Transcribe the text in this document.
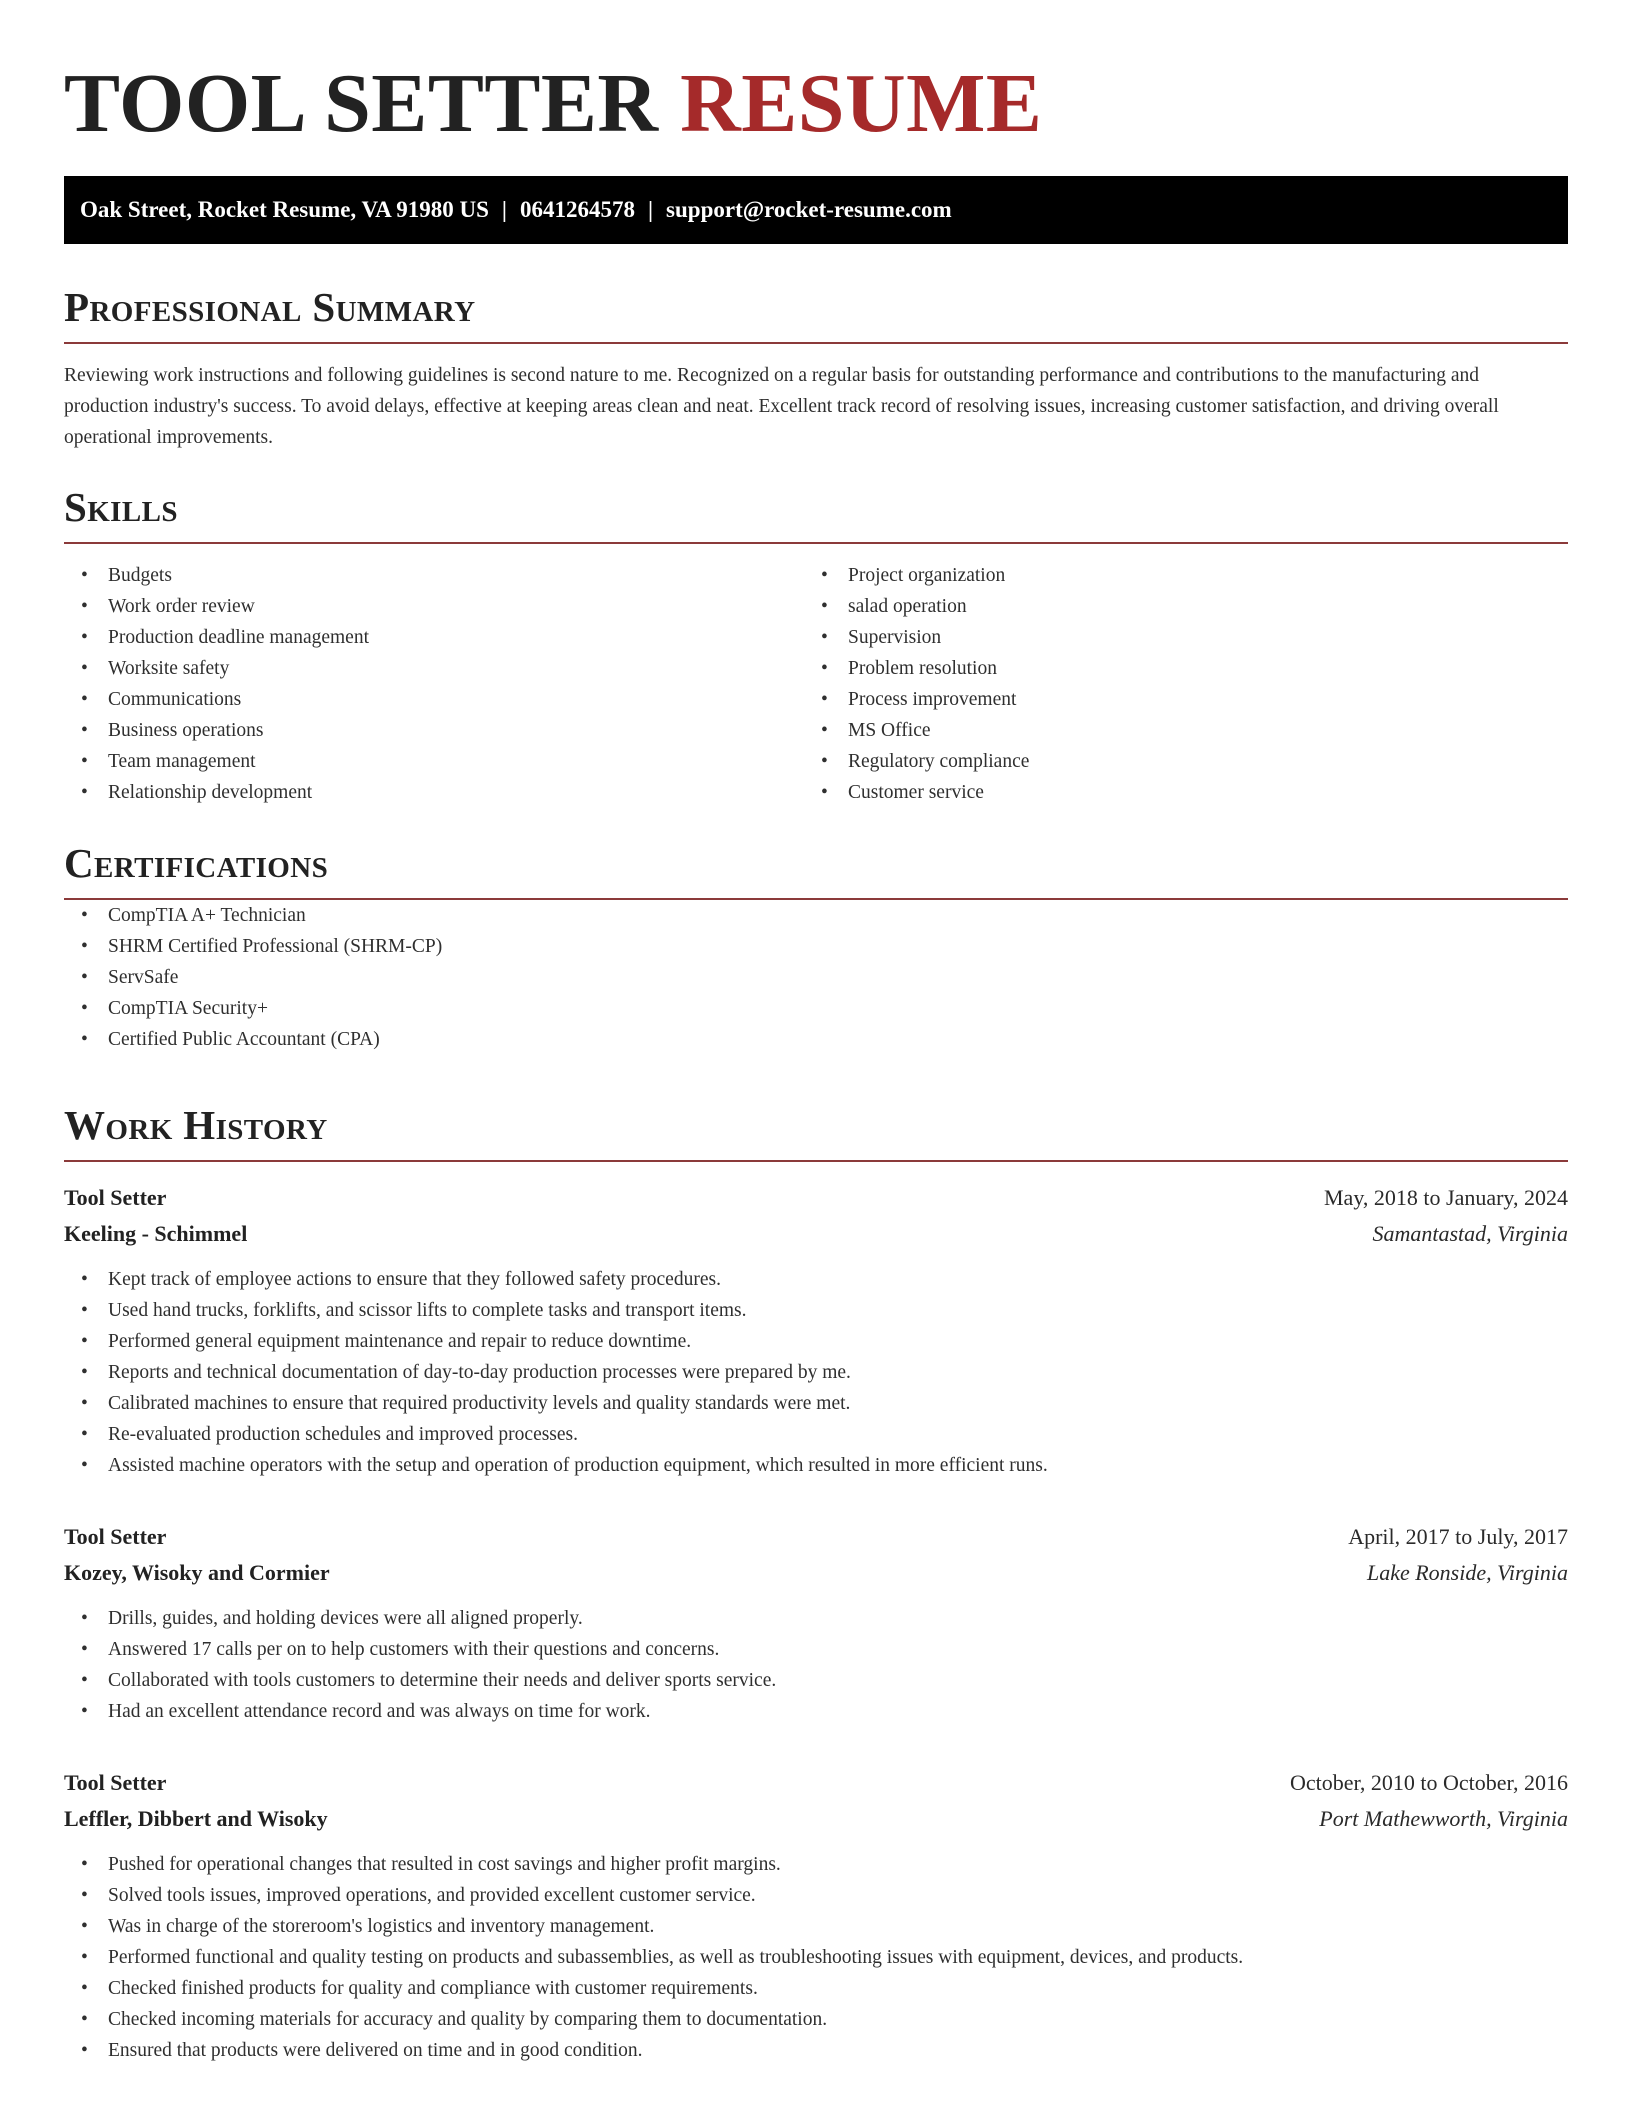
TOOL SETTER RESUME
Oak Street, Rocket Resume, VA 91980 US | 0641264578 | support@rocket-resume.com
Professional Summary

Reviewing work instructions and following guidelines is second nature to me. Recognized on a regular basis for outstanding performance and contributions to the manufacturing and production industry's success. To avoid delays, effective at keeping areas clean and neat. Excellent track record of resolving issues, increasing customer satisfaction, and driving overall operational improvements.

Skills
• Budgets
• Work order review
• Production deadline management
• Worksite safety
• Communications
• Business operations
• Team management
• Relationship development
• Project organization
• salad operation
• Supervision
• Problem resolution
• Process improvement
• MS Office
• Regulatory compliance
• Customer service
Certifications
• CompTIA A+ Technician
• SHRM Certified Professional (SHRM-CP)
• ServSafe
• CompTIA Security+
• Certified Public Accountant (CPA)
Work History
Tool Setter	May, 2018 to January, 2024
Keeling - Schimmel	Samantastad, Virginia
• Kept track of employee actions to ensure that they followed safety procedures.
• Used hand trucks, forklifts, and scissor lifts to complete tasks and transport items.
• Performed general equipment maintenance and repair to reduce downtime.
• Reports and technical documentation of day-to-day production processes were prepared by me.
• Calibrated machines to ensure that required productivity levels and quality standards were met.
• Re-evaluated production schedules and improved processes.
• Assisted machine operators with the setup and operation of production equipment, which resulted in more efficient runs.
Tool Setter	April, 2017 to July, 2017
Kozey, Wisoky and Cormier	Lake Ronside, Virginia
• Drills, guides, and holding devices were all aligned properly.
• Answered 17 calls per on to help customers with their questions and concerns.
• Collaborated with tools customers to determine their needs and deliver sports service.
• Had an excellent attendance record and was always on time for work.
Tool Setter	October, 2010 to October, 2016
Leffler, Dibbert and Wisoky	Port Mathewworth, Virginia
• Pushed for operational changes that resulted in cost savings and higher profit margins.
• Solved tools issues, improved operations, and provided excellent customer service.
• Was in charge of the storeroom's logistics and inventory management.
• Performed functional and quality testing on products and subassemblies, as well as troubleshooting issues with equipment, devices, and products.
• Checked finished products for quality and compliance with customer requirements.
• Checked incoming materials for accuracy and quality by comparing them to documentation.
• Ensured that products were delivered on time and in good condition.
